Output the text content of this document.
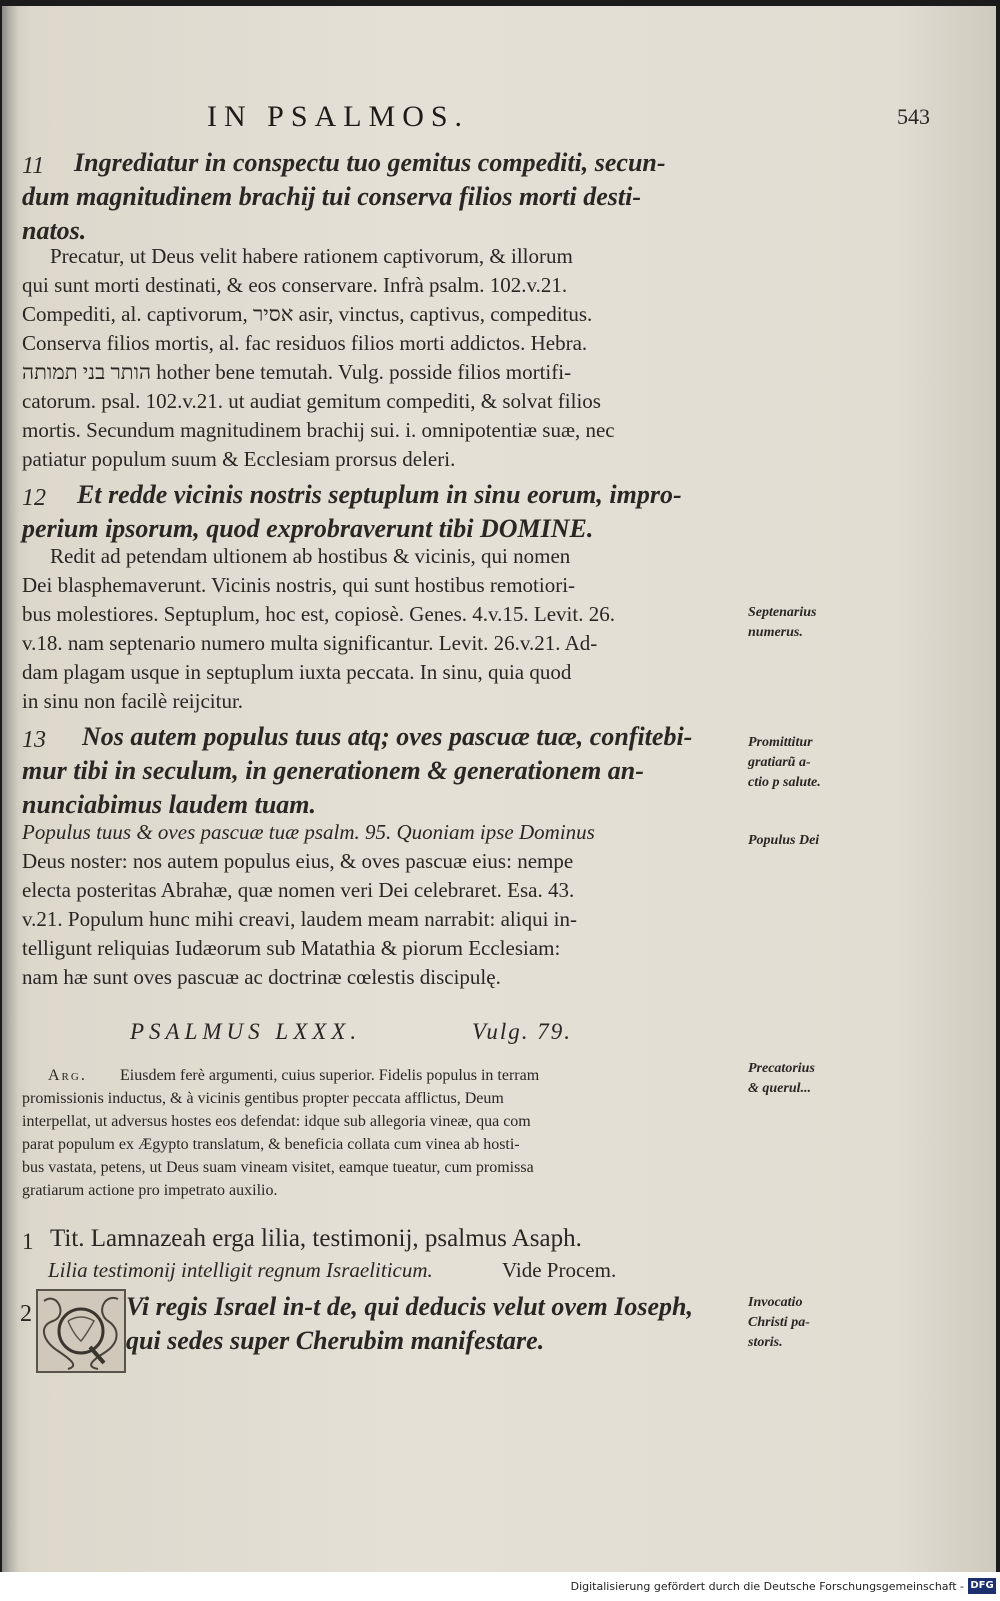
IN PSALMOS.	543
11 Ingrediatur in conspectu tuo gemitus compediti, secun-
dum magnitudinem brachij tui conserva filios morti desti-
natos.
Precatur, ut Deus velit habere rationem captivorum, & illorum
qui sunt morti destinati, & eos conservare. Infrà psalm. 102.v.21.
Compediti, al. captivorum, אסיר asir, vinctus, captivus, compeditus.
Conserva filios mortis, al. fac residuos filios morti addictos. Hebra.
הותר בני תמותה hother bene temutah. Vulg. posside filios mortifi-
catorum. psal. 102.v.21. ut audiat gemitum compediti, & solvat filios
mortis. Secundum magnitudinem brachij sui. i. omnipotentiæ suæ, nec
patiatur populum suum & Ecclesiam prorsus deleri.
12 Et redde vicinis nostris septuplum in sinu eorum, impro-
perium ipsorum, quod exprobraverunt tibi DOMINE.
Redit ad petendam ultionem ab hostibus & vicinis, qui nomen
Dei blasphemaverunt. Vicinis nostris, qui sunt hostibus remotiori-
bus molestiores. Septuplum, hoc est, copiosè. Genes. 4.v.15. Levit. 26.
v.18. nam septenario numero multa significantur. Levit. 26.v.21. Ad-
dam plagam usque in septuplum iuxta peccata. In sinu, quia quod
in sinu non facilè reijcitur.
Septenarius
numerus.
13 Nos autem populus tuus atq; oves pascuæ tuæ, confitebi-
mur tibi in seculum, in generationem & generationem an-
nunciabimus laudem tuam.
Populus tuus & oves pascuæ tuæ psalm. 95. Quoniam ipse Dominus
Deus noster: nos autem populus eius, & oves pascuæ eius: nempe
electa posteritas Abrahæ, quæ nomen veri Dei celebraret. Esa. 43.
v.21. Populum hunc mihi creavi, laudem meam narrabit: aliqui in-
telligunt reliquias Iudæorum sub Matathia & piorum Ecclesiam:
nam hæ sunt oves pascuæ ac doctrinæ cœlestis discipulę.
Promittitur
gratiarũ a-
ctio p salute.
Populus Dei
PSALMUS LXXX.	Vulg. 79.
Arg. Eiusdem ferè argumenti, cuius superior. Fidelis populus in terram
promissionis inductus, & à vicinis gentibus propter peccata afflictus, Deum
interpellat, ut adversus hostes eos defendat: idque sub allegoria vineæ, qua com
parat populum ex Ægypto translatum, & beneficia collata cum vinea ab hosti-
bus vastata, petens, ut Deus suam vineam visitet, eamque tueatur, cum promissa
gratiarum actione pro impetrato auxilio.
Precatorius
& querul...
1 Tit. Lamnazeah erga lilia, testimonij, psalmus Asaph.
Lilia testimonij intelligit regnum Israeliticum.	Vide Procem.
2	Vi regis Israel in-t de, qui deducis velut ovem Ioseph,
qui sedes super Cherubim manifestare.
Invocatio
Christi pa-
storis.
Digitalisierung gefördert durch die Deutsche Forschungsgemeinschaft - DFG
